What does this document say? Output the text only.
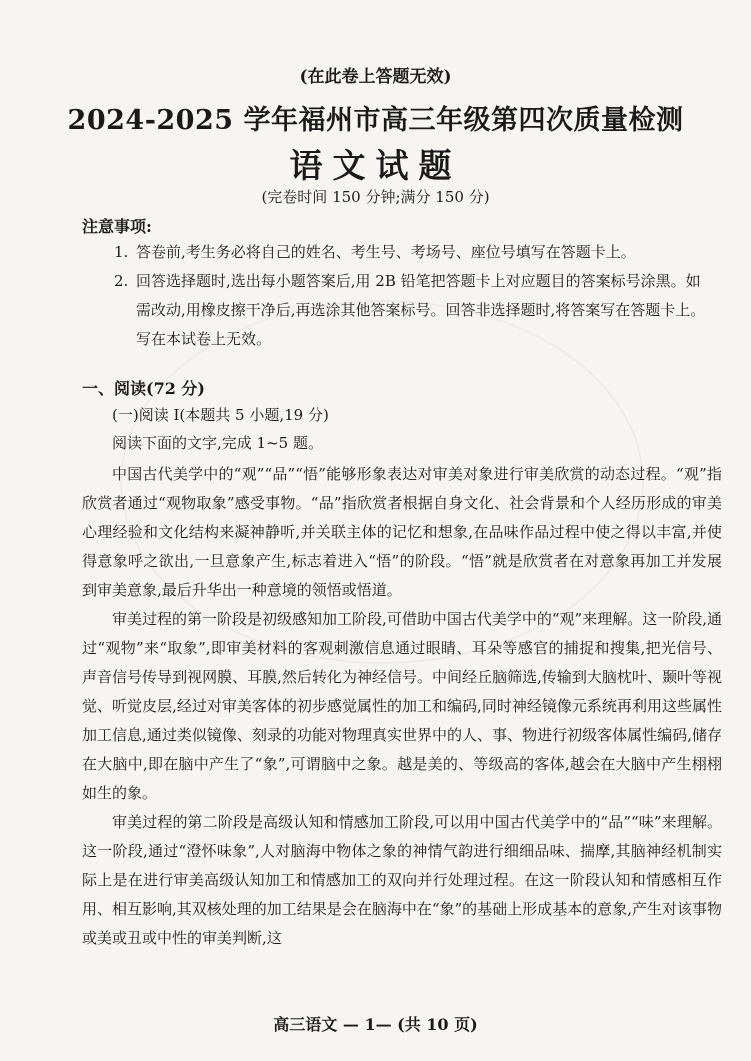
(在此卷上答题无效)
2024-2025 学年福州市高三年级第四次质量检测
语文试题
(完卷时间 150 分钟;满分 150 分)
注意事项:
1. 答卷前,考生务必将自己的姓名、考生号、考场号、座位号填写在答题卡上。
2. 回答选择题时,选出每小题答案后,用 2B 铅笔把答题卡上对应题目的答案标号涂黑。如需改动,用橡皮擦干净后,再选涂其他答案标号。回答非选择题时,将答案写在答题卡上。写在本试卷上无效。
一、阅读(72 分)
(一)阅读 I(本题共 5 小题,19 分)
阅读下面的文字,完成 1~5 题。

中国古代美学中的“观”“品”“悟”能够形象表达对审美对象进行审美欣赏的动态过程。“观”指欣赏者通过“观物取象”感受事物。“品”指欣赏者根据自身文化、社会背景和个人经历形成的审美心理经验和文化结构来凝神静听,并关联主体的记忆和想象,在品味作品过程中使之得以丰富,并使得意象呼之欲出,一旦意象产生,标志着进入“悟”的阶段。“悟”就是欣赏者在对意象再加工并发展到审美意象,最后升华出一种意境的领悟或悟道。

审美过程的第一阶段是初级感知加工阶段,可借助中国古代美学中的“观”来理解。这一阶段,通过“观物”来“取象”,即审美材料的客观刺激信息通过眼睛、耳朵等感官的捕捉和搜集,把光信号、声音信号传导到视网膜、耳膜,然后转化为神经信号。中间经丘脑筛选,传输到大脑枕叶、颞叶等视觉、听觉皮层,经过对审美客体的初步感觉属性的加工和编码,同时神经镜像元系统再利用这些属性加工信息,通过类似镜像、刻录的功能对物理真实世界中的人、事、物进行初级客体属性编码,储存在大脑中,即在脑中产生了“象”,可谓脑中之象。越是美的、等级高的客体,越会在大脑中产生栩栩如生的象。

审美过程的第二阶段是高级认知和情感加工阶段,可以用中国古代美学中的“品”“味”来理解。这一阶段,通过“澄怀味象”,人对脑海中物体之象的神情气韵进行细细品味、揣摩,其脑神经机制实际上是在进行审美高级认知加工和情感加工的双向并行处理过程。在这一阶段认知和情感相互作用、相互影响,其双核处理的加工结果是会在脑海中在“象”的基础上形成基本的意象,产生对该事物或美或丑或中性的审美判断,这

高三语文 — 1— (共 10 页)
